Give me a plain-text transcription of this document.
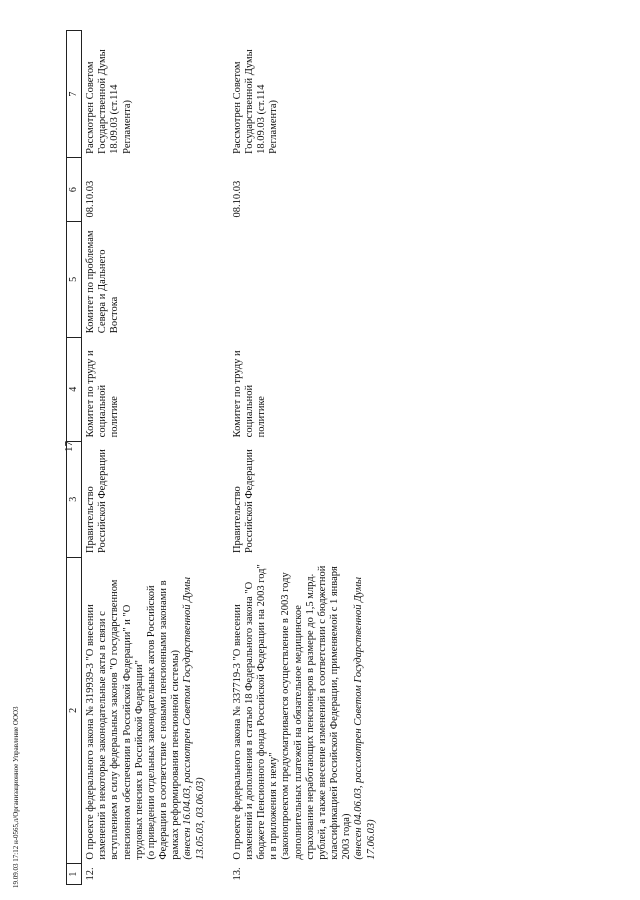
17
1	2	3	4	5	6	7
12.	О проекте федерального закона № 319939-3 "О внесении изменений в некоторые законодательные акты в связи с вступлением в силу федеральных законов "О государственном пенсионном обеспечении в Российской Федерации" и "О трудовых пенсиях в Российской Федерации" (о приведении отдельных законодательных актов Российской Федерации в соответствие с новыми пенсионными законами в рамках реформирования пенсионной системы) (внесен 16.04.03, рассмотрен Советом Государственной Думы 13.05.03, 03.06.03)	Правительство Российской Федерации	Комитет по труду и социальной политике	Комитет по проблемам Севера и Дальнего Востока	08.10.03	Рассмотрен Советом Государственной Думы 18.09.03 (ст.114 Регламента)

13.	О проекте федерального закона № 337719-3 "О внесении изменений и дополнения в статью 18 Федерального закона "О бюджете Пенсионного фонда Российской Федерации на 2003 год" и в приложения к нему" (законопроектом предусматривается осуществление в 2003 году дополнительных платежей на обязательное медицинское страхование неработающих пенсионеров в размере до 1,5 млрд. рублей, а также внесение изменений в соответствии с бюджетной классификацией Российской Федерации, применяемой с 1 января 2003 года) (внесен 04.06.03, рассмотрен Советом Государственной Думы 17.06.03)	Правительство Российской Федерации	Комитет по труду и социальной политике		08.10.03	Рассмотрен Советом Государственной Думы 18.09.03 (ст.114 Регламента)
19.09.03 17:12 н-0565,л/Организационное Управление ООО3
